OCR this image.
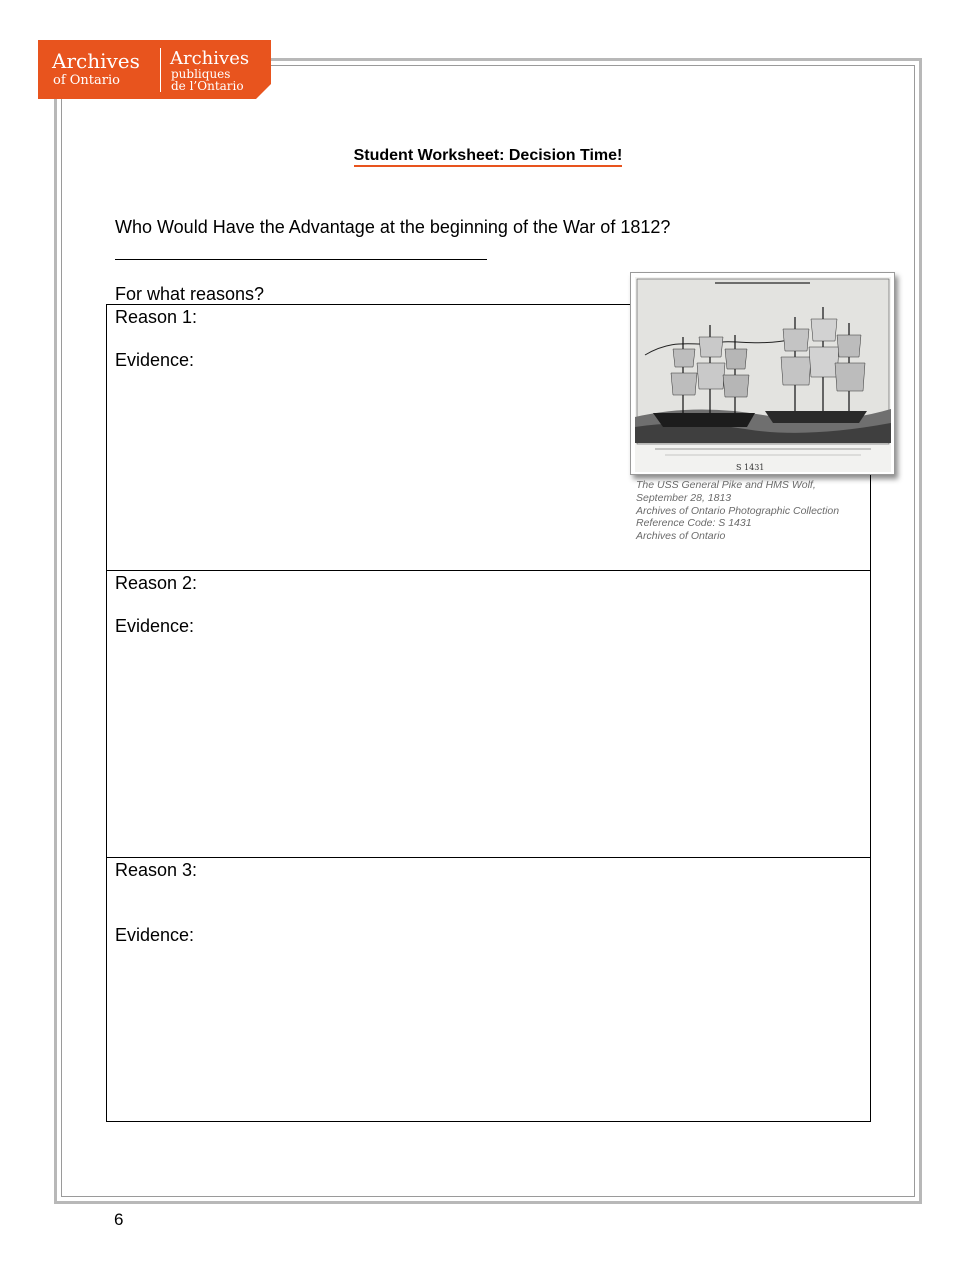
Archives
of Ontario
Archives
publiques
de l’Ontario
Student Worksheet: Decision Time!
Who Would Have the Advantage at the beginning of the War of 1812?
For what reasons?
Reason 1:
Evidence:
Reason 2:
Evidence:
Reason 3:
Evidence:
S 1431
The USS General Pike and HMS Wolf,
September 28, 1813
Archives of Ontario Photographic Collection
Reference Code: S 1431
Archives of Ontario
6
